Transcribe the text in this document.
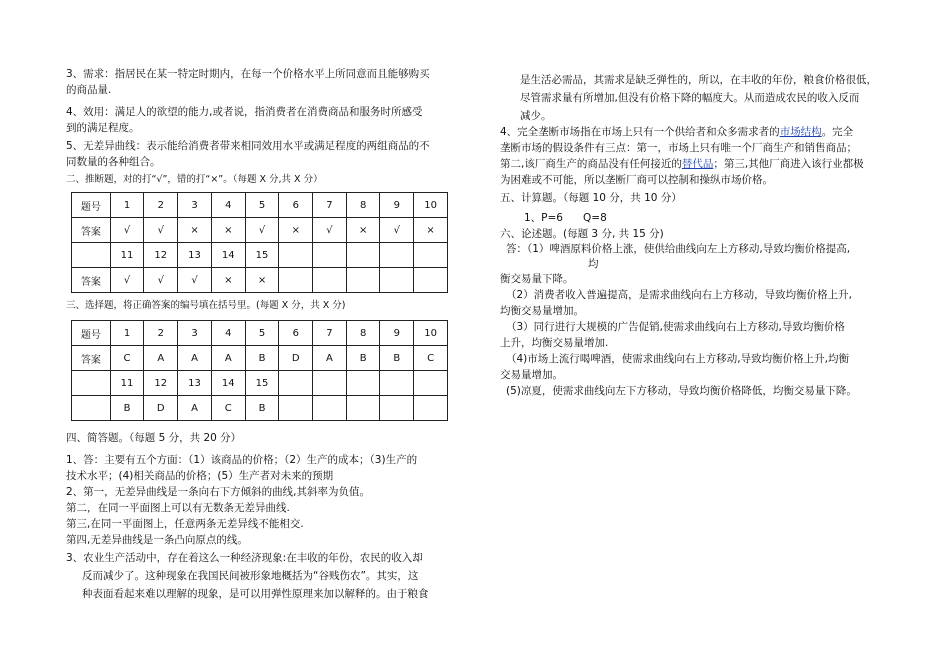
3、需求：指居民在某一特定时期内，在每一个价格水平上所同意而且能够购买
的商品量.
4、效用：满足人的欲望的能力,或者说，指消费者在消费商品和服务时所感受
到的满足程度。
5、无差异曲线：表示能给消费者带来相同效用水平或满足程度的两组商品的不
同数量的各种组合。
二、推断题，对的打“√”，错的打“×”。（每题 X 分,共 X 分）
题号	1	2	3	4	5	6	7	8	9	10
答案	√	√	×	×	√	×	√	×	√	×
	11	12	13	14	15					
答案	√	√	√	×	×					
三、选择题，将正确答案的编号填在括号里。(每题 X 分，共 X 分)
题号	1	2	3	4	5	6	7	8	9	10
答案	C	A	A	A	B	D	A	B	B	C
	11	12	13	14	15					
	B	D	A	C	B					
四、简答题。（每题 5 分，共 20 分）
1、答：主要有五个方面：（1）该商品的价格；（2）生产的成本；（3)生产的
技术水平；(4)相关商品的价格；(5）生产者对未来的预期
2、第一，无差异曲线是一条向右下方倾斜的曲线,其斜率为负值。
第二，在同一平面图上可以有无数条无差异曲线.
第三,在同一平面图上，任意两条无差异线不能相交.
第四,无差异曲线是一条凸向原点的线。
3、农业生产活动中，存在着这么一种经济现象:在丰收的年份，农民的收入却
反而减少了。这种现象在我国民间被形象地概括为“谷贱伤农”。其实，这
种表面看起来难以理解的现象，是可以用弹性原理来加以解释的。由于粮食
是生活必需品，其需求是缺乏弹性的，所以，在丰收的年份，粮食价格很低，
尽管需求量有所增加,但没有价格下降的幅度大。从而造成农民的收入反而
减少。
4、完全垄断市场指在市场上只有一个供给者和众多需求者的市场结构。完全
垄断市场的假设条件有三点：第一，市场上只有唯一个厂商生产和销售商品；
第二,该厂商生产的商品没有任何接近的替代品；第三,其他厂商进入该行业都极
为困难或不可能，所以垄断厂商可以控制和操纵市场价格。
五、计算题。（每题 10 分，共 10 分）
1、P=6      Q=8
六、论述题。(每题 3 分, 共 15 分)
答：（1）啤酒原料价格上涨，使供给曲线向左上方移动,导致均衡价格提高,
均
衡交易量下降。
（2）消费者收入普遍提高，是需求曲线向右上方移动，导致均衡价格上升,
均衡交易量增加。
（3）同行进行大规模的广告促销,使需求曲线向右上方移动,导致均衡价格
上升，均衡交易量增加.
（4)市场上流行喝啤酒，使需求曲线向右上方移动,导致均衡价格上升,均衡
交易量增加。
(5)凉夏，使需求曲线向左下方移动，导致均衡价格降低，均衡交易量下降。
